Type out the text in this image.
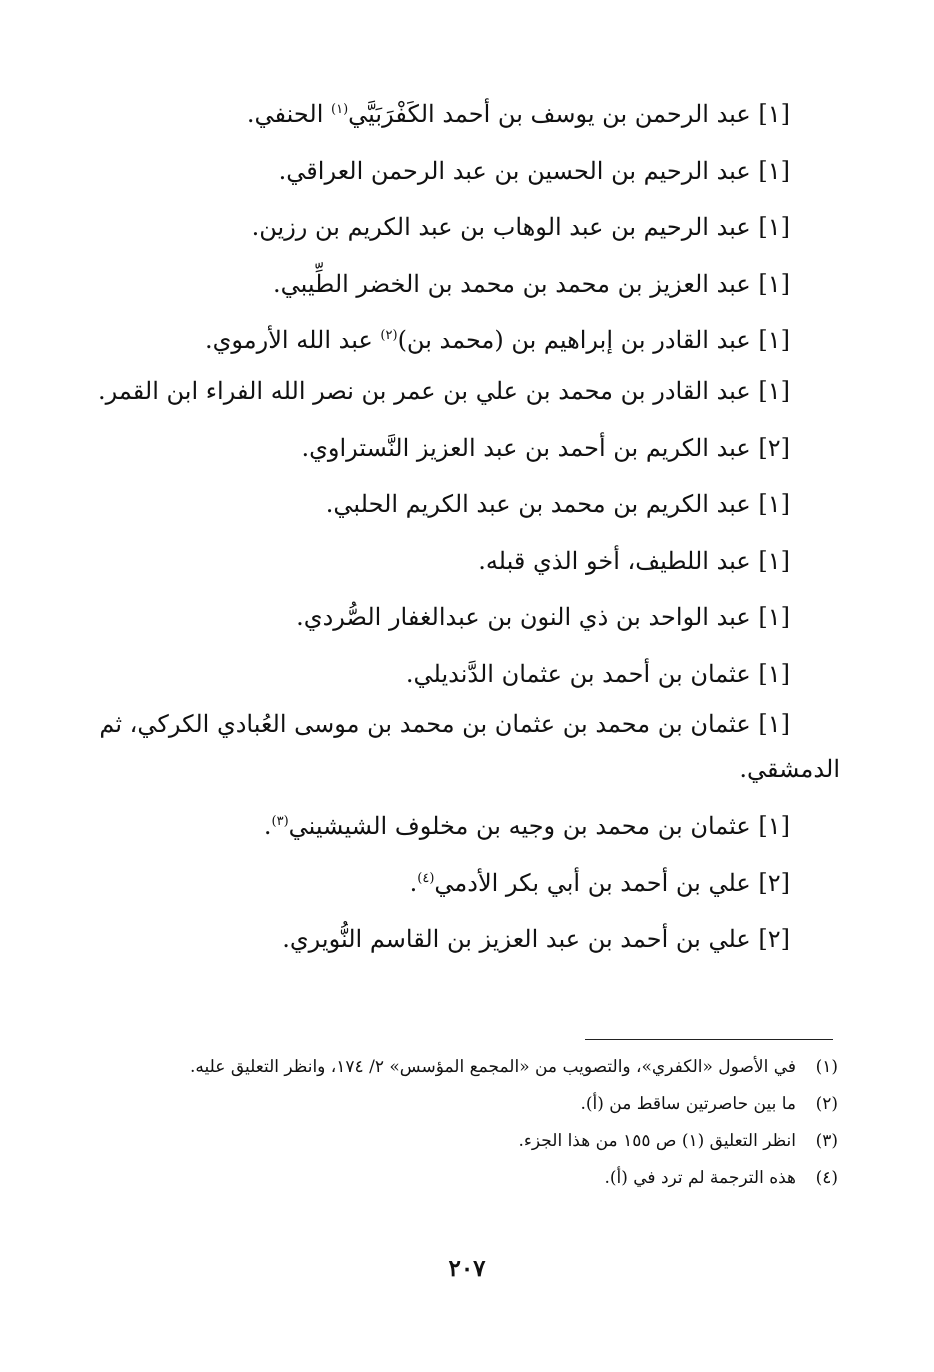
[١] عبد الرحمن بن يوسف بن أحمد الكَفْرَبَيَّي$^{(١)}$ الحنفي.

[١] عبد الرحيم بن الحسين بن عبد الرحمن العراقي.

[١] عبد الرحيم بن عبد الوهاب بن عبد الكريم بن رزين.

[١] عبد العزيز بن محمد بن محمد بن الخضر الطِّيبي.

[١] عبد القادر بن إبراهيم بن (محمد بن)$^{(٢)}$ عبد الله الأرموي.

[١] عبد القادر بن محمد بن علي بن عمر بن نصر الله الفراء ابن القمر.

[٢] عبد الكريم بن أحمد بن عبد العزيز النَّستراوي.

[١] عبد الكريم بن محمد بن عبد الكريم الحلبي.

[١] عبد اللطيف، أخو الذي قبله.

[١] عبد الواحد بن ذي النون بن عبدالغفار الصُّردي.

[١] عثمان بن أحمد بن عثمان الدَّنديلي.

[١] عثمان بن محمد بن عثمان بن محمد بن موسى العُبادي الكركي، ثم الدمشقي.

[١] عثمان بن محمد بن وجيه بن مخلوف الشيشيني$^{(٣)}$.

[٢] علي بن أحمد بن أبي بكر الأدمي$^{(٤)}$.

[٢] علي بن أحمد بن عبد العزيز بن القاسم النُّويري.

(١)
في الأصول «الكفري»، والتصويب من «المجمع المؤسس» ٢/ ١٧٤، وانظر التعليق عليه.
(٢)
ما بين حاصرتين ساقط من (أ).
(٣)
انظر التعليق (١) ص ١٥٥ من هذا الجزء.
(٤)
هذه الترجمة لم ترد في (أ).
٢٠٧
